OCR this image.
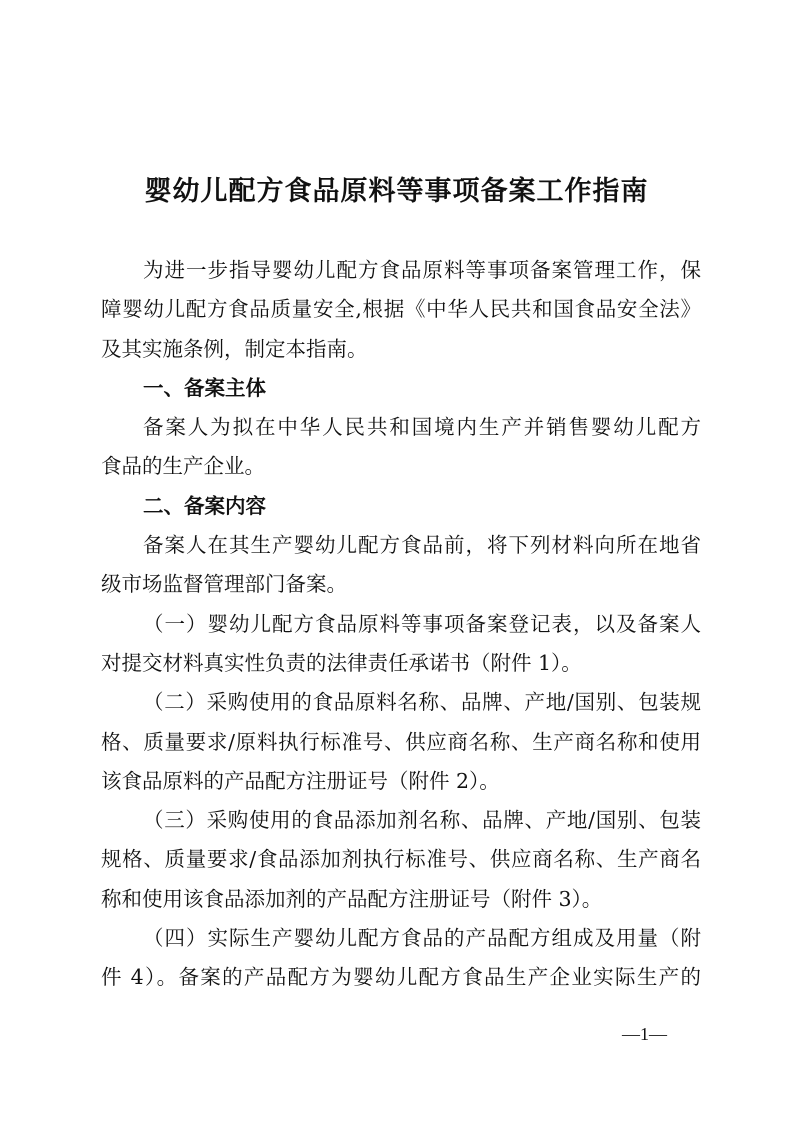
婴幼儿配方食品原料等事项备案工作指南
为进一步指导婴幼儿配方食品原料等事项备案管理工作，保
障婴幼儿配方食品质量安全,根据《中华人民共和国食品安全法》
及其实施条例，制定本指南。
一、备案主体
备案人为拟在中华人民共和国境内生产并销售婴幼儿配方
食品的生产企业。
二、备案内容
备案人在其生产婴幼儿配方食品前，将下列材料向所在地省
级市场监督管理部门备案。
（一）婴幼儿配方食品原料等事项备案登记表，以及备案人
对提交材料真实性负责的法律责任承诺书（附件 1）。
（二）采购使用的食品原料名称、品牌、产地/国别、包装规
格、质量要求/原料执行标准号、供应商名称、生产商名称和使用
该食品原料的产品配方注册证号（附件 2）。
（三）采购使用的食品添加剂名称、品牌、产地/国别、包装
规格、质量要求/食品添加剂执行标准号、供应商名称、生产商名
称和使用该食品添加剂的产品配方注册证号（附件 3）。
（四）实际生产婴幼儿配方食品的产品配方组成及用量（附
件 4）。备案的产品配方为婴幼儿配方食品生产企业实际生产的
—1—
